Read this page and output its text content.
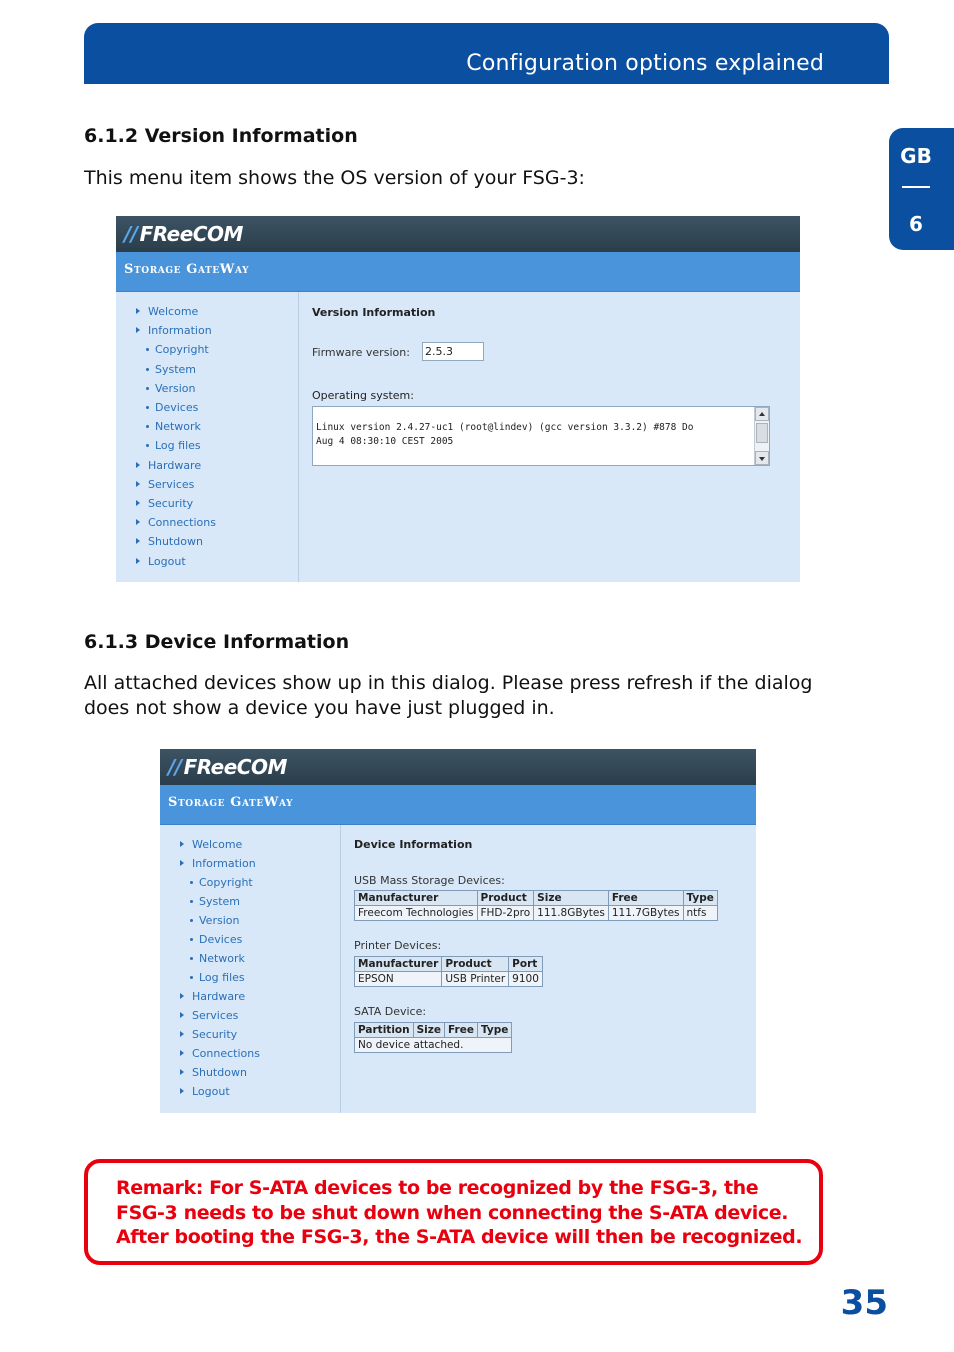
Configuration options explained
GB
6
6.1.2 Version Information

This menu item shows the OS version of your FSG-3:

// FReeCOM
Storage GateWay
Welcome
Information
Copyright
System
Version
Devices
Network
Log files
Hardware
Services
Security
Connections
Shutdown
Logout
Version Information
Firmware version: 2.5.3
Operating system:
Linux version 2.4.27-uc1 (root@lindev) (gcc version 3.3.2) #878 Do
Aug 4 08:30:10 CEST 2005
6.1.3 Device Information

All attached devices show up in this dialog. Please press refresh if the dialog does not show a device you have just plugged in.

// FReeCOM
Storage GateWay
Welcome
Information
Copyright
System
Version
Devices
Network
Log files
Hardware
Services
Security
Connections
Shutdown
Logout
Device Information
USB Mass Storage Devices:
Manufacturer	Product	Size	Free	Type
Freecom Technologies	FHD-2pro	111.8GBytes	111.7GBytes	ntfs
Printer Devices:
Manufacturer	Product	Port
EPSON	USB Printer	9100
SATA Device:
Partition	Size	Free	Type
No device attached.

Remark: For S-ATA devices to be recognized by the FSG-3, the FSG-3 needs to be shut down when connecting the S-ATA device. After booting the FSG-3, the S-ATA device will then be recognized.

35
